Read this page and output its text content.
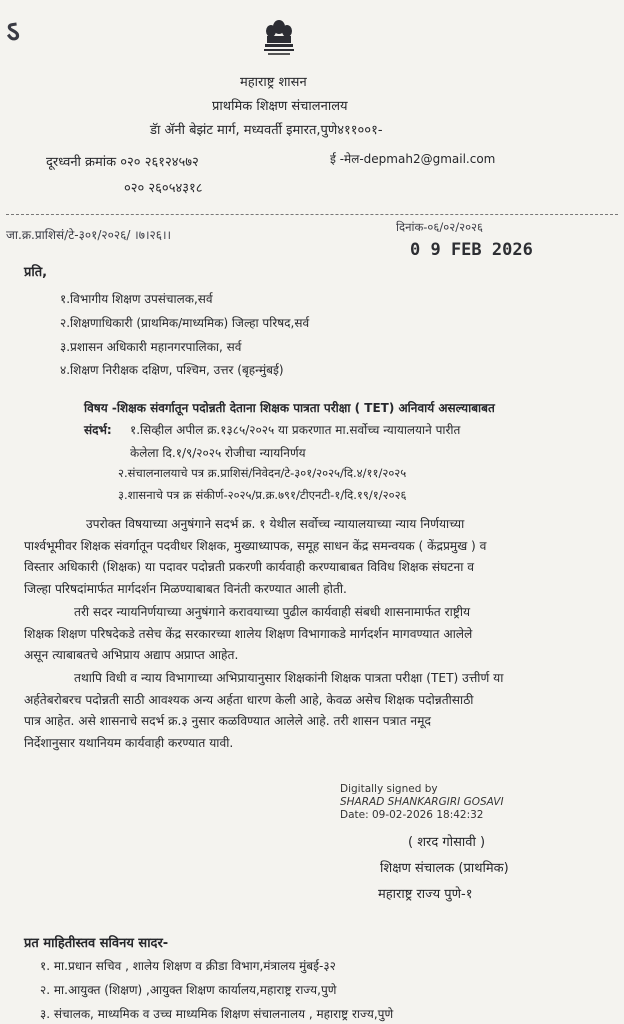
ऽ
महाराष्ट्र शासन
प्राथमिक शिक्षण संचालनालय
डॅा ॲनी बेझंट मार्ग, मध्यवर्ती इमारत,पुणे४११००१-
दूरध्वनी क्रमांक ०२० २६१२४५७२	ई -मेल-depmah2@gmail.com
०२० २६०५४३१८
जा.क्र.प्राशिसं/टे-३०१/२०२६/ ।७।२६।।
दिनांक-०६/०२/२०२६
0 9 FEB 2026
प्रति,
१.विभागीय शिक्षण उपसंचालक,सर्व
२.शिक्षणाधिकारी (प्राथमिक/माध्यमिक) जिल्हा परिषद,सर्व
३.प्रशासन अधिकारी महानगरपालिका, सर्व
४.शिक्षण निरीक्षक दक्षिण, पश्चिम, उत्तर (बृहन्मुंबई)
विषय -शिक्षक संवर्गातून पदोन्नती देताना शिक्षक पात्रता परीक्षा ( TET) अनिवार्य असल्याबाबत
संदर्भ: १.सिव्हील अपील क्र.१३८५/२०२५ या प्रकरणात मा.सर्वोच्च न्यायालयाने पारीत
केलेला दि.१/९/२०२५ रोजीचा न्यायनिर्णय
२.संचालनालयाचे पत्र क्र.प्राशिसं/निवेदन/टे-३०१/२०२५/दि.४/११/२०२५
३.शासनाचे पत्र क्र संकीर्ण-२०२५/प्र.क्र.७९१/टीएनटी-१/दि.१९/१/२०२६
उपरोक्त विषयाच्या अनुषंगाने सदर्भ क्र. १ येथील सर्वोच्च न्यायालयाच्या न्याय निर्णयाच्या
पार्श्वभूमीवर शिक्षक संवर्गातून पदवीधर शिक्षक, मुख्याध्यापक, समूह साधन केंद्र समन्वयक ( केंद्रप्रमुख ) व
विस्तार अधिकारी (शिक्षक) या पदावर पदोन्नती प्रकरणी कार्यवाही करण्याबाबत विविध शिक्षक संघटना व
जिल्हा परिषदांमार्फत मार्गदर्शन मिळण्याबाबत विनंती करण्यात आली होती.
तरी सदर न्यायनिर्णयाच्या अनुषंगाने करावयाच्या पुढील कार्यवाही संबधी शासनामार्फत राष्ट्रीय
शिक्षक शिक्षण परिषदेकडे तसेच केंद्र सरकारच्या शालेय शिक्षण विभागाकडे मार्गदर्शन मागवण्यात आलेले
असून त्याबाबतचे अभिप्राय अद्याप अप्राप्त आहेत.
तथापि विधी व न्याय विभागाच्या अभिप्रायानुसार शिक्षकांनी शिक्षक पात्रता परीक्षा (TET) उत्तीर्ण या
अर्हतेबरोबरच पदोन्नती साठी आवश्यक अन्य अर्हता धारण केली आहे, केवळ असेच शिक्षक पदोन्नतीसाठी
पात्र आहेत. असे शासनाचे सदर्भ क्र.३ नुसार कळविण्यात आलेले आहे. तरी शासन पत्रात नमूद
निर्देशानुसार यथानियम कार्यवाही करण्यात यावी.
Digitally signed by
SHARAD SHANKARGIRI GOSAVI
Date: 09-02-2026 18:42:32
( शरद गोसावी )
शिक्षण संचालक (प्राथमिक)
महाराष्ट्र राज्य पुणे-१
प्रत माहितीस्तव सविनय सादर-
१. मा.प्रधान सचिव , शालेय शिक्षण व क्रीडा विभाग,मंत्रालय मुंबई-३२
२. मा.आयुक्त (शिक्षण) ,आयुक्त शिक्षण कार्यालय,महाराष्ट्र राज्य,पुणे
३. संचालक, माध्यमिक व उच्च माध्यमिक शिक्षण संचालनालय , महाराष्ट्र राज्य,पुणे
